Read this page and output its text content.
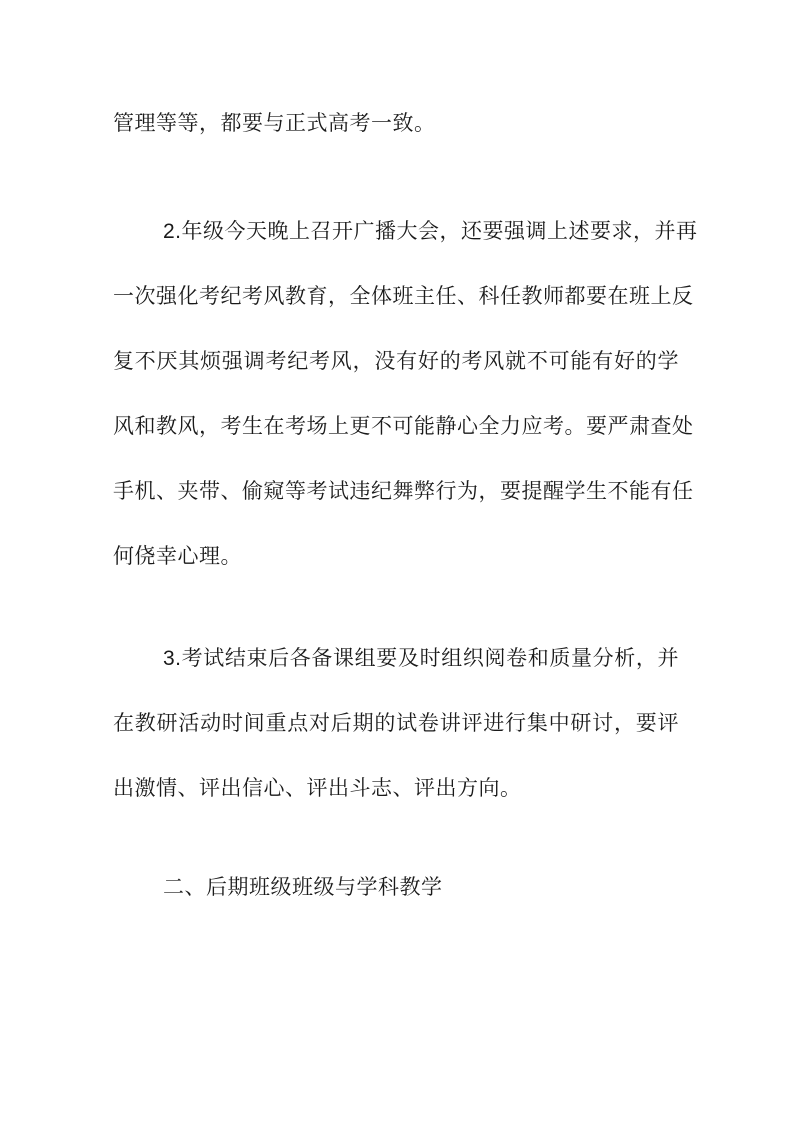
管理等等，都要与正式高考一致。
2.年级今天晚上召开广播大会，还要强调上述要求，并再
一次强化考纪考风教育，全体班主任、科任教师都要在班上反
复不厌其烦强调考纪考风，没有好的考风就不可能有好的学
风和教风，考生在考场上更不可能静心全力应考。要严肃查处
手机、夹带、偷窥等考试违纪舞弊行为，要提醒学生不能有任
何侥幸心理。
3.考试结束后各备课组要及时组织阅卷和质量分析，并
在教研活动时间重点对后期的试卷讲评进行集中研讨，要评
出激情、评出信心、评出斗志、评出方向。
二、后期班级班级与学科教学
